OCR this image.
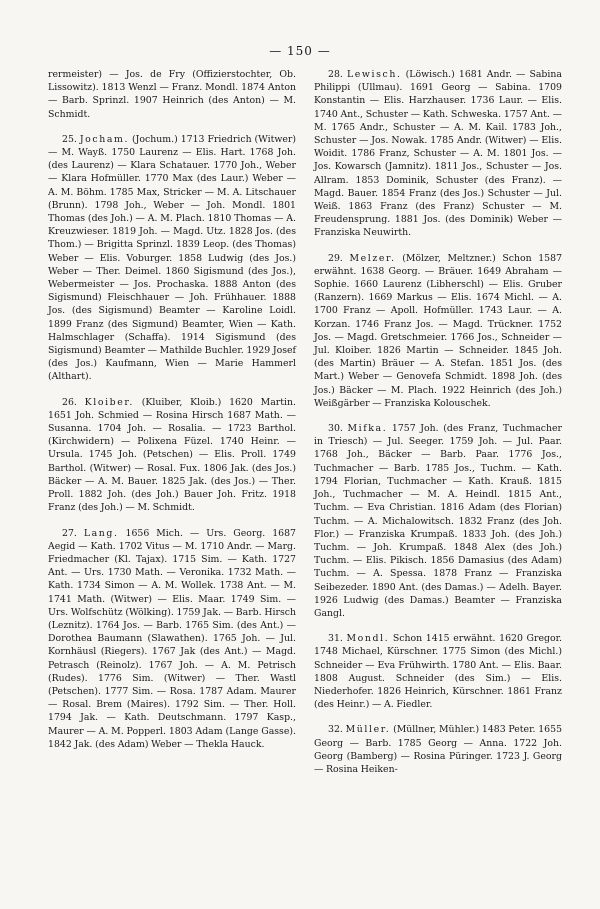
— 150 —

rermeister) — Jos. de Fry (Offizierstochter, Ob. Lissowitz). 1813 Wenzl — Franz. Mondl. 1874 Anton — Barb. Sprinzl. 1907 Heinrich (des Anton) — M. Schmidt.

25. Jocham. (Jochum.) 1713 Friedrich (Witwer) — M. Wayß. 1750 Laurenz — Elis. Hart. 1768 Joh. (des Laurenz) — Klara Schatauer. 1770 Joh., Weber — Klara Hofmüller. 1770 Max (des Laur.) Weber — A. M. Böhm. 1785 Max, Stricker — M. A. Litschauer (Brunn). 1798 Joh., Weber — Joh. Mondl. 1801 Thomas (des Joh.) — A. M. Plach. 1810 Thomas — A. Kreuzwieser. 1819 Joh. — Magd. Utz. 1828 Jos. (des Thom.) — Brigitta Sprinzl. 1839 Leop. (des Thomas) Weber — Elis. Voburger. 1858 Ludwig (des Jos.) Weber — Ther. Deimel. 1860 Sigismund (des Jos.), Webermeister — Jos. Prochaska. 1888 Anton (des Sigismund) Fleischhauer — Joh. Frühhauer. 1888 Jos. (des Sigismund) Beamter — Karoline Loidl. 1899 Franz (des Sigmund) Beamter, Wien — Kath. Halmschlager (Schaffa). 1914 Sigismund (des Sigismund) Beamter — Mathilde Buchler. 1929 Josef (des Jos.) Kaufmann, Wien — Marie Hammerl (Althart).

26. Kloiber. (Kluiber, Kloib.) 1620 Martin. 1651 Joh. Schmied — Rosina Hirsch 1687 Math. — Susanna. 1704 Joh. — Rosalia. — 1723 Barthol. (Kirchwidern) — Polixena Füzel. 1740 Heinr. — Ursula. 1745 Joh. (Petschen) — Elis. Proll. 1749 Barthol. (Witwer) — Rosal. Fux. 1806 Jak. (des Jos.) Bäcker — A. M. Bauer. 1825 Jak. (des Jos.) — Ther. Proll. 1882 Joh. (des Joh.) Bauer Joh. Fritz. 1918 Franz (des Joh.) — M. Schmidt.

27. Lang. 1656 Mich. — Urs. Georg. 1687 Aegid — Kath. 1702 Vitus — M. 1710 Andr. — Marg. Friedmacher (Kl. Tajax). 1715 Sim. — Kath. 1727 Ant. — Urs. 1730 Math. — Veronika. 1732 Math. — Kath. 1734 Simon — A. M. Wollek. 1738 Ant. — M. 1741 Math. (Witwer) — Elis. Maar. 1749 Sim. — Urs. Wolfschütz (Wölking). 1759 Jak. — Barb. Hirsch (Leznitz). 1764 Jos. — Barb. 1765 Sim. (des Ant.) — Dorothea Baumann (Slawathen). 1765 Joh. — Jul. Kornhäusl (Riegers). 1767 Jak (des Ant.) — Magd. Petrasch (Reinolz). 1767 Joh. — A. M. Petrisch (Rudes). 1776 Sim. (Witwer) — Ther. Wastl (Petschen). 1777 Sim. — Rosa. 1787 Adam. Maurer — Rosal. Brem (Maires). 1792 Sim. — Ther. Holl. 1794 Jak. — Kath. Deutschmann. 1797 Kasp., Maurer — A. M. Popperl. 1803 Adam (Lange Gasse). 1842 Jak. (des Adam) Weber — Thekla Hauck.

28. Lewisch. (Löwisch.) 1681 Andr. — Sabina Philippi (Ullmau). 1691 Georg — Sabina. 1709 Konstantin — Elis. Harzhauser. 1736 Laur. — Elis. 1740 Ant., Schuster — Kath. Schweska. 1757 Ant. — M. 1765 Andr., Schuster — A. M. Kail. 1783 Joh., Schuster — Jos. Nowak. 1785 Andr. (Witwer) — Elis. Woidit. 1786 Franz, Schuster — A. M. 1801 Jos. — Jos. Kowarsch (Jamnitz). 1811 Jos., Schuster — Jos. Allram. 1853 Dominik, Schuster (des Franz). — Magd. Bauer. 1854 Franz (des Jos.) Schuster — Jul. Weiß. 1863 Franz (des Franz) Schuster — M. Freudensprung. 1881 Jos. (des Dominik) Weber — Franziska Neuwirth.

29. Melzer. (Mölzer, Meltzner.) Schon 1587 erwähnt. 1638 Georg. — Bräuer. 1649 Abraham — Sophie. 1660 Laurenz (Libherschl) — Elis. Gruber (Ranzern). 1669 Markus — Elis. 1674 Michl. — A. 1700 Franz — Apoll. Hofmüller. 1743 Laur. — A. Korzan. 1746 Franz Jos. — Magd. Trückner. 1752 Jos. — Magd. Gretschmeier. 1766 Jos., Schneider — Jul. Kloiber. 1826 Martin — Schneider. 1845 Joh. (des Martin) Bräuer — A. Stefan. 1851 Jos. (des Mart.) Weber — Genovefa Schmidt. 1898 Joh. (des Jos.) Bäcker — M. Plach. 1922 Heinrich (des Joh.) Weißgärber — Franziska Kolouschek.

30. Mifka. 1757 Joh. (des Franz, Tuchmacher in Triesch) — Jul. Seeger. 1759 Joh. — Jul. Paar. 1768 Joh., Bäcker — Barb. Paar. 1776 Jos., Tuchmacher — Barb. 1785 Jos., Tuchm. — Kath. 1794 Florian, Tuchmacher — Kath. Krauß. 1815 Joh., Tuchmacher — M. A. Heindl. 1815 Ant., Tuchm. — Eva Christian. 1816 Adam (des Florian) Tuchm. — A. Michalowitsch. 1832 Franz (des Joh. Flor.) — Franziska Krumpaß. 1833 Joh. (des Joh.) Tuchm. — Joh. Krumpaß. 1848 Alex (des Joh.) Tuchm. — Elis. Pikisch. 1856 Damasius (des Adam) Tuchm. — A. Spessa. 1878 Franz — Franziska Seibezeder. 1890 Ant. (des Damas.) — Adelh. Bayer. 1926 Ludwig (des Damas.) Beamter — Franziska Gangl.

31. Mondl. Schon 1415 erwähnt. 1620 Gregor. 1748 Michael, Kürschner. 1775 Simon (des Michl.) Schneider — Eva Frühwirth. 1780 Ant. — Elis. Baar. 1808 August. Schneider (des Sim.) — Elis. Niederhofer. 1826 Heinrich, Kürschner. 1861 Franz (des Heinr.) — A. Fiedler.

32. Müller. (Müllner, Mühler.) 1483 Peter. 1655 Georg — Barb. 1785 Georg — Anna. 1722 Joh. Georg (Bamberg) — Rosina Püringer. 1723 J. Georg — Rosina Heiken-
